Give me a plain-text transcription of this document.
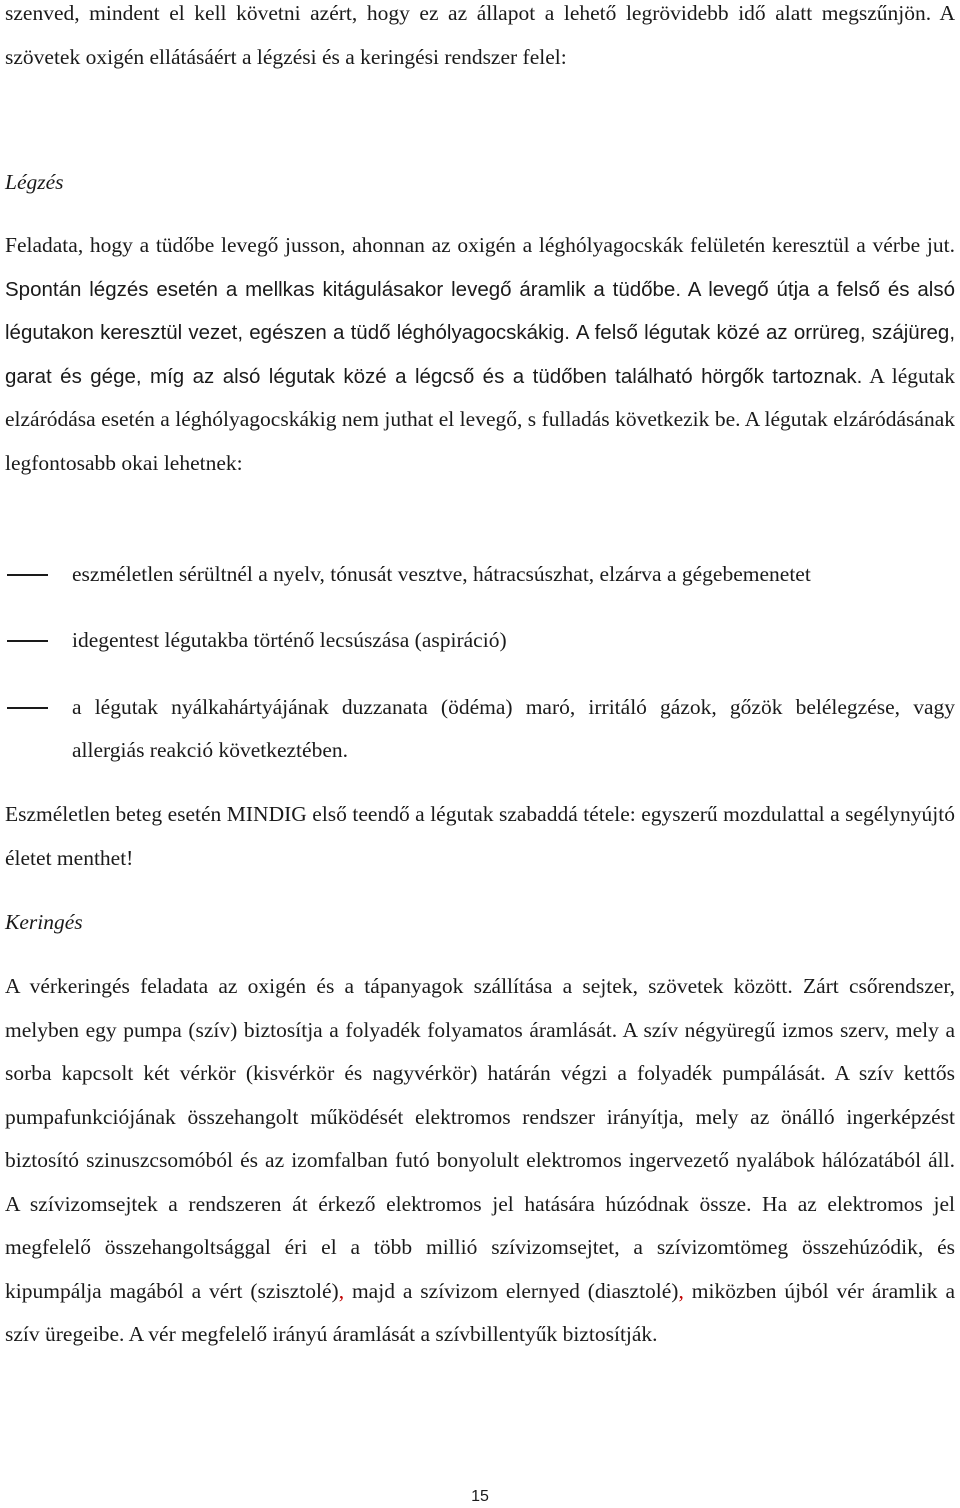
szenved, mindent el kell követni azért, hogy ez az állapot a lehető legrövidebb idő alatt megszűnjön. A szövetek oxigén ellátásáért a légzési és a keringési rendszer felel:

Légzés

Feladata, hogy a tüdőbe levegő jusson, ahonnan az oxigén a léghólyagocskák felületén keresztül a vérbe jut. Spontán légzés esetén a mellkas kitágulásakor levegő áramlik a tüdőbe. A levegő útja a felső és alsó légutakon keresztül vezet, egészen a tüdő léghólyagocskákig. A felső légutak közé az orrüreg, szájüreg, garat és gége, míg az alsó légutak közé a légcső és a tüdőben található hörgők tartoznak. A légutak elzáródása esetén a léghólyagocskákig nem juthat el levegő, s fulladás következik be. A légutak elzáródásának legfontosabb okai lehetnek:

eszméletlen sérültnél a nyelv, tónusát vesztve, hátracsúszhat, elzárva a gégebemenetet
idegentest légutakba történő lecsúszása (aspiráció)
a légutak nyálkahártyájának duzzanata (ödéma) maró, irritáló gázok, gőzök belélegzése, vagy allergiás reakció következtében.

Eszméletlen beteg esetén MINDIG első teendő a légutak szabaddá tétele: egyszerű mozdulattal a segélynyújtó életet menthet!

Keringés

A vérkeringés feladata az oxigén és a tápanyagok szállítása a sejtek, szövetek között. Zárt csőrendszer, melyben egy pumpa (szív) biztosítja a folyadék folyamatos áramlását. A szív négyüregű izmos szerv, mely a sorba kapcsolt két vérkör (kisvérkör és nagyvérkör) határán végzi a folyadék pumpálását. A szív kettős pumpafunkciójának összehangolt működését elektromos rendszer irányítja, mely az önálló ingerképzést biztosító szinuszcsomóból és az izomfalban futó bonyolult elektromos ingervezető nyalábok hálózatából áll. A szívizomsejtek a rendszeren át érkező elektromos jel hatására húzódnak össze. Ha az elektromos jel megfelelő összehangoltsággal éri el a több millió szívizomsejtet, a szívizomtömeg összehúzódik, és kipumpálja magából a vért (szisztolé), majd a szívizom elernyed (diasztolé), miközben újból vér áramlik a szív üregeibe. A vér megfelelő irányú áramlását a szívbillentyűk biztosítják.

15
